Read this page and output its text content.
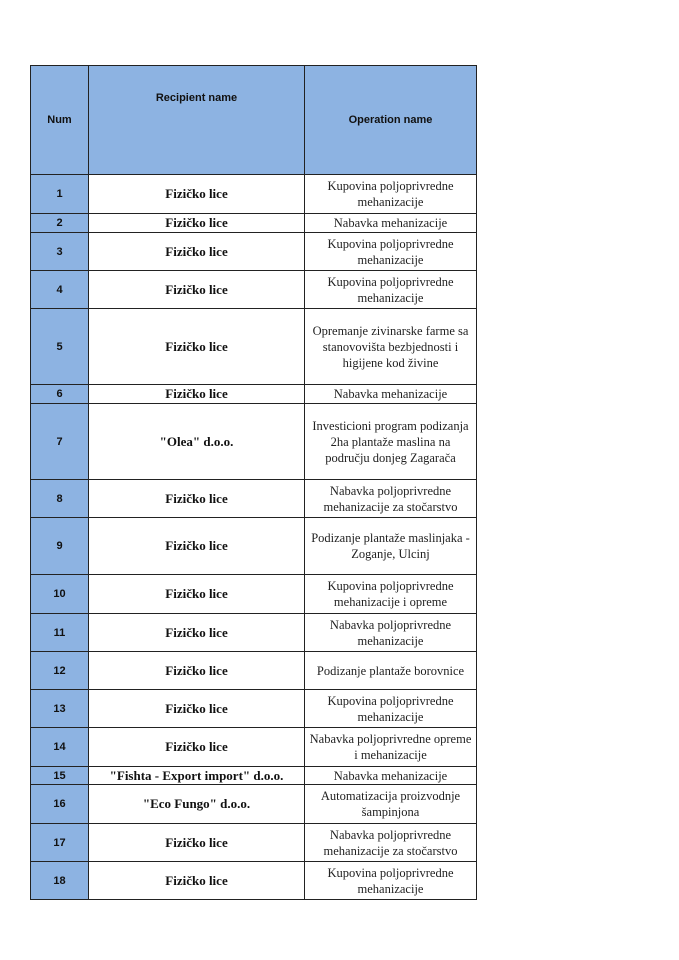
Num	Recipient name	Operation name
1	Fizičko lice	Kupovina poljoprivredne mehanizacije
2	Fizičko lice	Nabavka mehanizacije
3	Fizičko lice	Kupovina poljoprivredne mehanizacije
4	Fizičko lice	Kupovina poljoprivredne mehanizacije
5	Fizičko lice	Opremanje zivinarske farme sa stanovovišta bezbjednosti i higijene kod živine
6	Fizičko lice	Nabavka mehanizacije
7	"Olea" d.o.o.	Investicioni program podizanja 2ha plantaže maslina na području donjeg Zagarača
8	Fizičko lice	Nabavka poljoprivredne mehanizacije za stočarstvo
9	Fizičko lice	Podizanje plantaže maslinjaka - Zoganje, Ulcinj
10	Fizičko lice	Kupovina poljoprivredne mehanizacije i opreme
11	Fizičko lice	Nabavka poljoprivredne mehanizacije
12	Fizičko lice	Podizanje plantaže borovnice
13	Fizičko lice	Kupovina poljoprivredne mehanizacije
14	Fizičko lice	Nabavka poljoprivredne opreme i mehanizacije
15	"Fishta - Export import" d.o.o.	Nabavka mehanizacije
16	"Eco Fungo" d.o.o.	Automatizacija proizvodnje šampinjona
17	Fizičko lice	Nabavka poljoprivredne mehanizacije za stočarstvo
18	Fizičko lice	Kupovina poljoprivredne mehanizacije
